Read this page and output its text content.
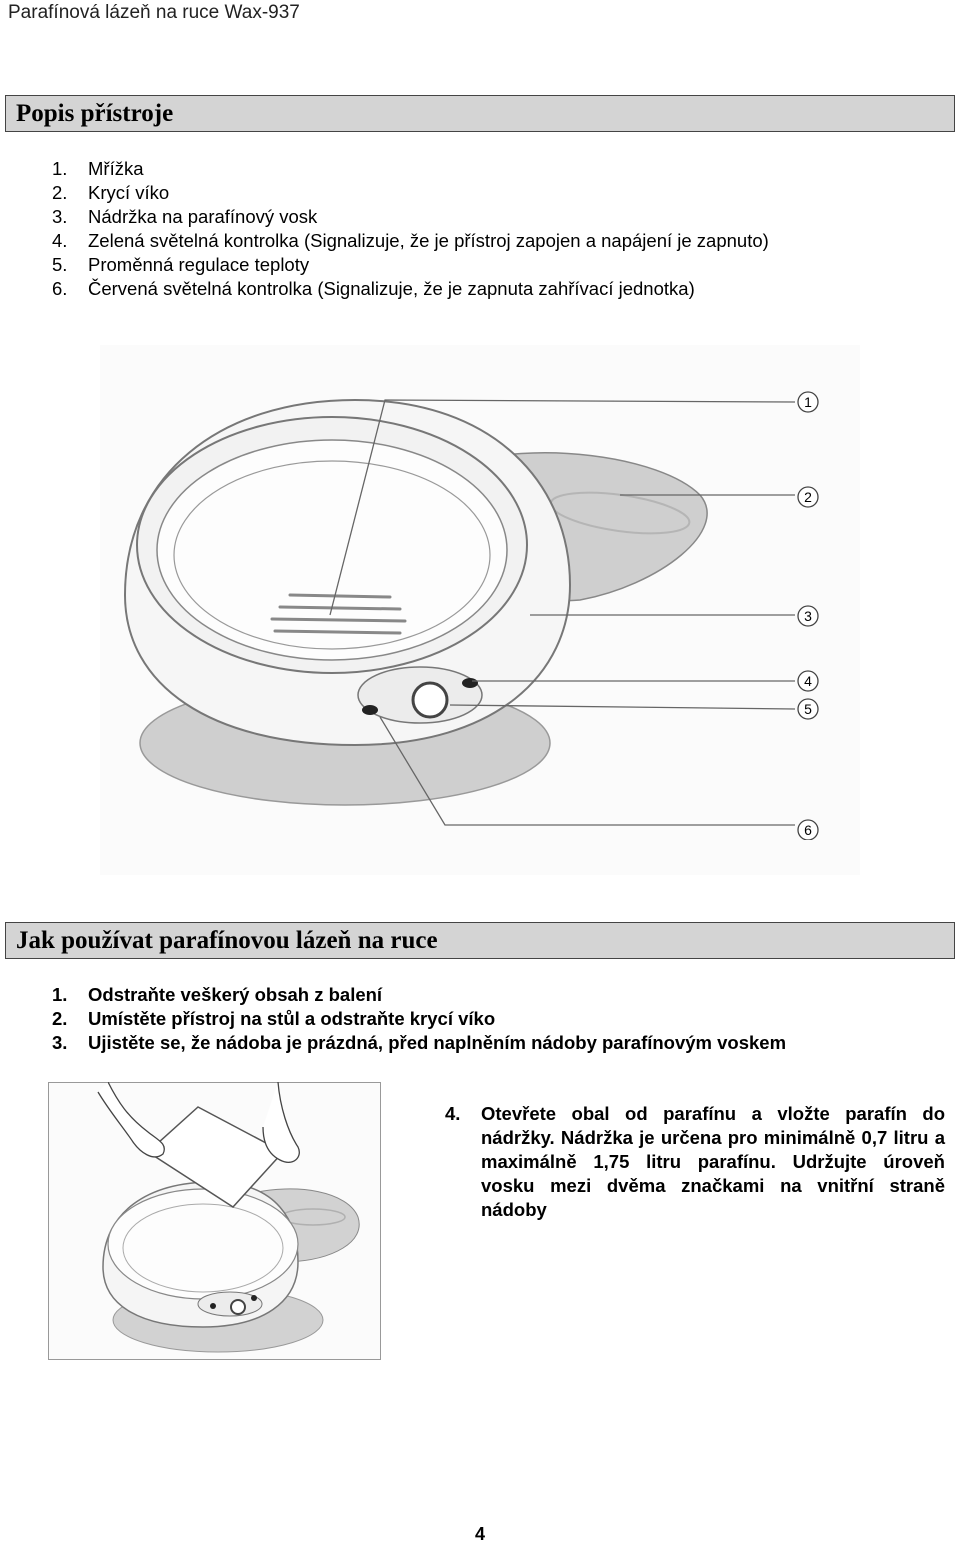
Parafínová lázeň na ruce Wax-937
Popis přístroje
1. Mřížka
2. Krycí víko
3. Nádržka na parafínový vosk
4. Zelená světelná kontrolka (Signalizuje, že je přístroj zapojen a napájení je zapnuto)
5. Proměnná regulace teploty
6. Červená světelná kontrolka (Signalizuje, že je zapnuta zahřívací jednotka)
1
2
3
4
5
6
Jak používat parafínovou lázeň na ruce
1. Odstraňte veškerý obsah z balení
2. Umístěte přístroj na stůl a odstraňte krycí víko
3. Ujistěte se, že nádoba je prázdná, před naplněním nádoby parafínovým voskem
4.	Otevřete obal od parafínu a vložte parafín do nádržky. Nádržka je určena pro minimálně 0,7 litru a maximálně 1,75 litru parafínu. Udržujte úroveň vosku mezi dvěma značkami na vnitřní straně nádoby
4
